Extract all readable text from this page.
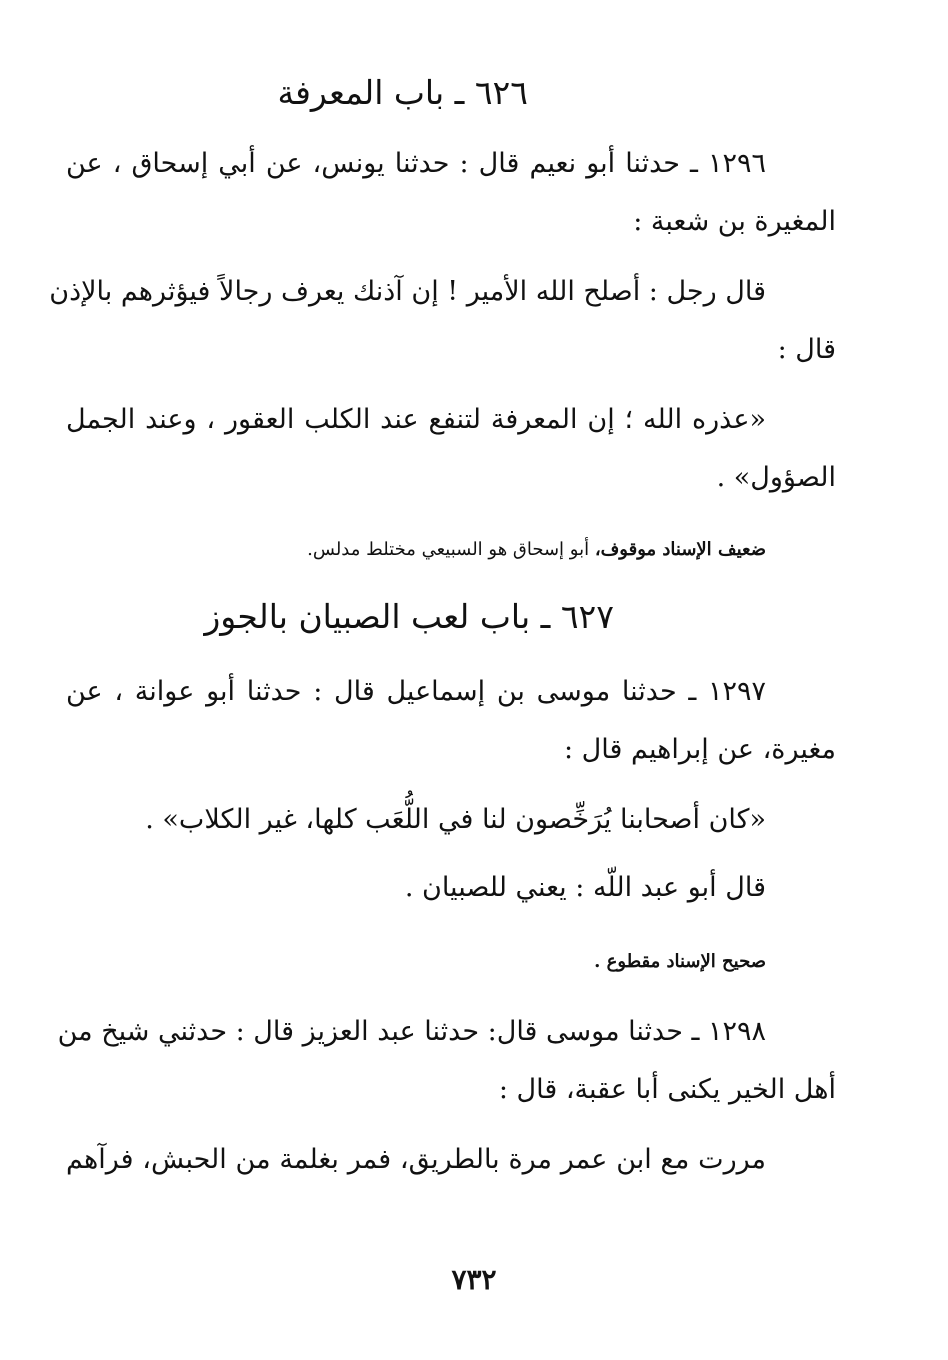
٦٢٦ ـ باب المعرفة
١٢٩٦ ـ حدثنا أبو نعيم قال : حدثنا يونس، عن أبي إسحاق ، عن
المغيرة بن شعبة :
قال رجل : أصلح الله الأمير ! إن آذنك يعرف رجالاً فيؤثرهم بالإذن
قال :
«عذره الله ؛ إن المعرفة لتنفع عند الكلب العقور ، وعند الجمل
الصؤول» .
ضعيف الإسناد موقوف، أبو إسحاق هو السبيعي مختلط مدلس.
٦٢٧ ـ باب لعب الصبيان بالجوز
١٢٩٧ ـ حدثنا موسى بن إسماعيل قال : حدثنا أبو عوانة ، عن
مغيرة، عن إبراهيم قال :
«كان أصحابنا يُرَخِّصون لنا في اللُّعَب كلها، غير الكلاب» .
قال أبو عبد اللّه : يعني للصبيان .
صحيح الإسناد مقطوع .
١٢٩٨ ـ حدثنا موسى قال: حدثنا عبد العزيز قال : حدثني شيخ من
أهل الخير يكنى أبا عقبة، قال :
مررت مع ابن عمر مرة بالطريق، فمر بغلمة من الحبش، فرآهم
٧٣٢
